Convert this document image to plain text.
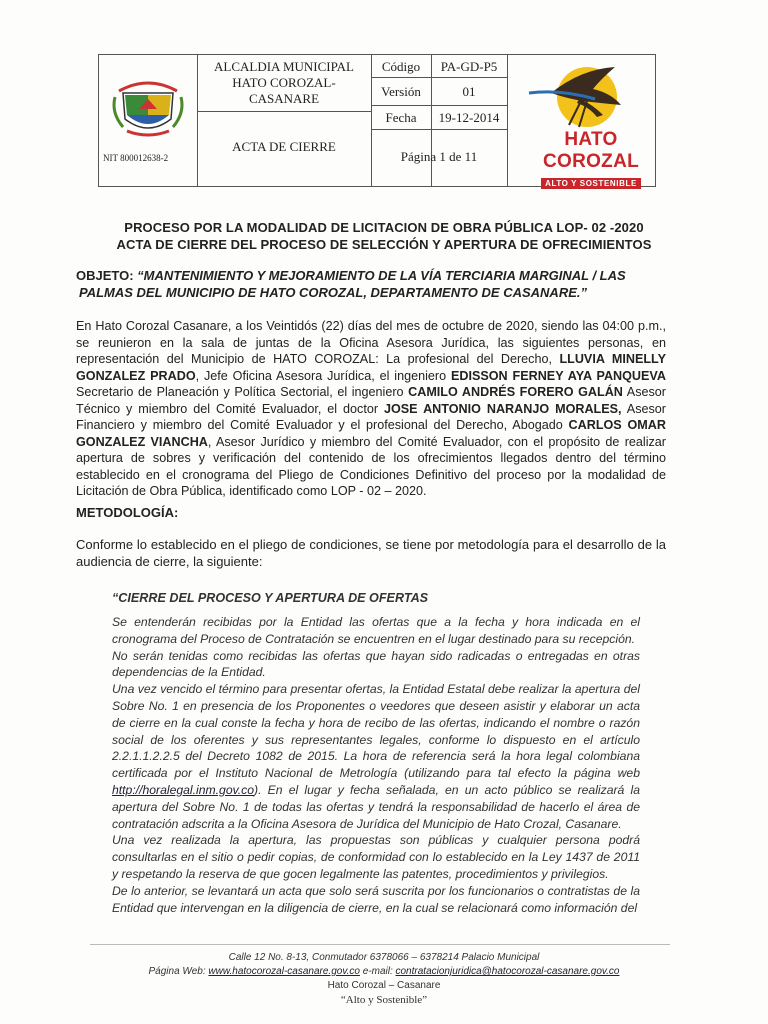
NIT 800012638-2
ALCALDIA MUNICIPAL
HATO COROZAL-
CASANARE
ACTA DE CIERRE
Código	PA-GD-P5
Versión	01
Fecha	19-12-2014
Página 1 de 11
HATO COROZAL
ALTO Y SOSTENIBLE
PROCESO POR LA MODALIDAD DE LICITACION DE OBRA PÚBLICA LOP- 02 -2020
ACTA DE CIERRE DEL PROCESO DE SELECCIÓN Y APERTURA DE OFRECIMIENTOS
OBJETO: “MANTENIMIENTO Y MEJORAMIENTO DE LA VÍA TERCIARIA MARGINAL / LAS
PALMAS DEL MUNICIPIO DE HATO COROZAL, DEPARTAMENTO DE CASANARE.”
En Hato Corozal Casanare, a los Veintidós (22) días del mes de octubre de 2020, siendo las 04:00 p.m., se reunieron en la sala de juntas de la Oficina Asesora Jurídica, las siguientes personas, en representación del Municipio de HATO COROZAL: La profesional del Derecho, LLUVIA MINELLY GONZALEZ PRADO, Jefe Oficina Asesora Jurídica, el ingeniero EDISSON FERNEY AYA PANQUEVA Secretario de Planeación y Política Sectorial, el ingeniero CAMILO ANDRÉS FORERO GALÁN Asesor Técnico y miembro del Comité Evaluador, el doctor JOSE ANTONIO NARANJO MORALES, Asesor Financiero y miembro del Comité Evaluador y el profesional del Derecho, Abogado CARLOS OMAR GONZALEZ VIANCHA, Asesor Jurídico y miembro del Comité Evaluador, con el propósito de realizar apertura de sobres y verificación del contenido de los ofrecimientos llegados dentro del término establecido en el cronograma del Pliego de Condiciones Definitivo del proceso por la modalidad de Licitación de Obra Pública, identificado como LOP - 02 – 2020.
METODOLOGÍA:
Conforme lo establecido en el pliego de condiciones, se tiene por metodología para el desarrollo de la audiencia de cierre, la siguiente:
“CIERRE DEL PROCESO Y APERTURA DE OFERTAS
Se entenderán recibidas por la Entidad las ofertas que a la fecha y hora indicada en el cronograma del Proceso de Contratación se encuentren en el lugar destinado para su recepción.
No serán tenidas como recibidas las ofertas que hayan sido radicadas o entregadas en otras dependencias de la Entidad.
Una vez vencido el término para presentar ofertas, la Entidad Estatal debe realizar la apertura del Sobre No. 1 en presencia de los Proponentes o veedores que deseen asistir y elaborar un acta de cierre en la cual conste la fecha y hora de recibo de las ofertas, indicando el nombre o razón social de los oferentes y sus representantes legales, conforme lo dispuesto en el artículo 2.2.1.1.2.2.5 del Decreto 1082 de 2015. La hora de referencia será la hora legal colombiana certificada por el Instituto Nacional de Metrología (utilizando para tal efecto la página web http://horalegal.inm.gov.co). En el lugar y fecha señalada, en un acto público se realizará la apertura del Sobre No. 1 de todas las ofertas y tendrá la responsabilidad de hacerlo el área de contratación adscrita a la Oficina Asesora de Jurídica del Municipio de Hato Crozal, Casanare.
Una vez realizada la apertura, las propuestas son públicas y cualquier persona podrá consultarlas en el sitio o pedir copias, de conformidad con lo establecido en la Ley 1437 de 2011 y respetando la reserva de que gocen legalmente las patentes, procedimientos y privilegios.
De lo anterior, se levantará un acta que solo será suscrita por los funcionarios o contratistas de la Entidad que intervengan en la diligencia de cierre, en la cual se relacionará como información del
Calle 12 No. 8-13, Conmutador 6378066 – 6378214 Palacio Municipal
Página Web: www.hatocorozal-casanare.gov.co e-mail: contratacionjuridica@hatocorozal-casanare.gov.co
Hato Corozal – Casanare
“Alto y Sostenible”
